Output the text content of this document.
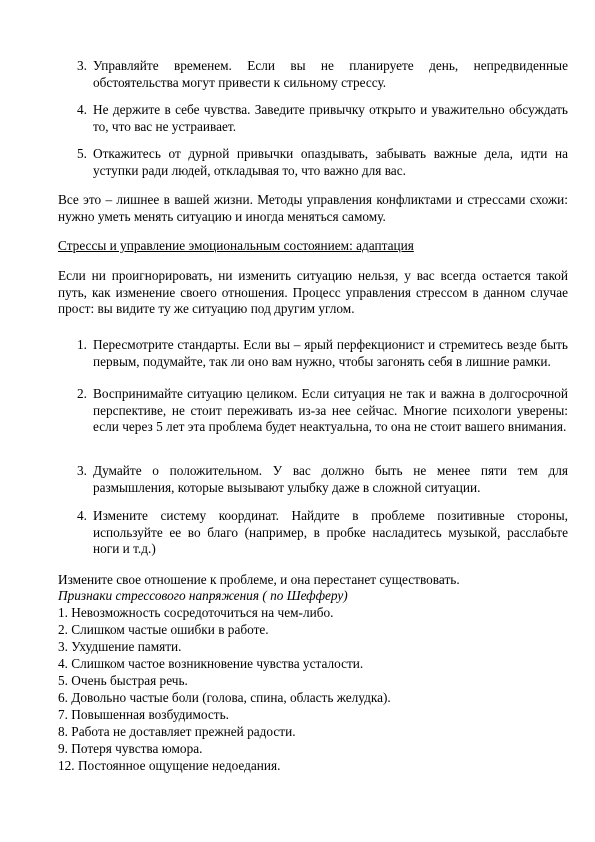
3. Управляйте временем. Если вы не планируете день, непредвиденные обстоятельства могут привести к сильному стрессу.
4. Не держите в себе чувства. Заведите привычку открыто и уважительно обсуждать то, что вас не устраивает.
5. Откажитесь от дурной привычки опаздывать, забывать важные дела, идти на уступки ради людей, откладывая то, что важно для вас.

Все это – лишнее в вашей жизни. Методы управления конфликтами и стрессами схожи: нужно уметь менять ситуацию и иногда меняться самому.

Стрессы и управление эмоциональным состоянием: адаптация

Если ни проигнорировать, ни изменить ситуацию нельзя, у вас всегда остается такой путь, как изменение своего отношения. Процесс управления стрессом в данном случае прост: вы видите ту же ситуацию под другим углом.

1. Пересмотрите стандарты. Если вы – ярый перфекционист и стремитесь везде быть первым, подумайте, так ли оно вам нужно, чтобы загонять себя в лишние рамки.
2. Воспринимайте ситуацию целиком. Если ситуация не так и важна в долгосрочной перспективе, не стоит переживать из-за нее сейчас. Многие психологи уверены: если через 5 лет эта проблема будет неактуальна, то она не стоит вашего внимания.
3. Думайте о положительном. У вас должно быть не менее пяти тем для размышления, которые вызывают улыбку даже в сложной ситуации.
4. Измените систему координат. Найдите в проблеме позитивные стороны, используйте ее во благо (например, в пробке насладитесь музыкой, расслабьте ноги и т.д.)
Измените свое отношение к проблеме, и она перестанет существовать.
Признаки стрессового напряжения ( по Шефферу)
1. Невозможность сосредоточиться на чем-либо.
2. Слишком частые ошибки в работе.
3. Ухудшение памяти.
4. Слишком частое возникновение чувства усталости.
5. Очень быстрая речь.
6. Довольно частые боли (голова, спина, область желудка).
7. Повышенная возбудимость.
8. Работа не доставляет прежней радости.
9. Потеря чувства юмора.
12. Постоянное ощущение недоедания.
